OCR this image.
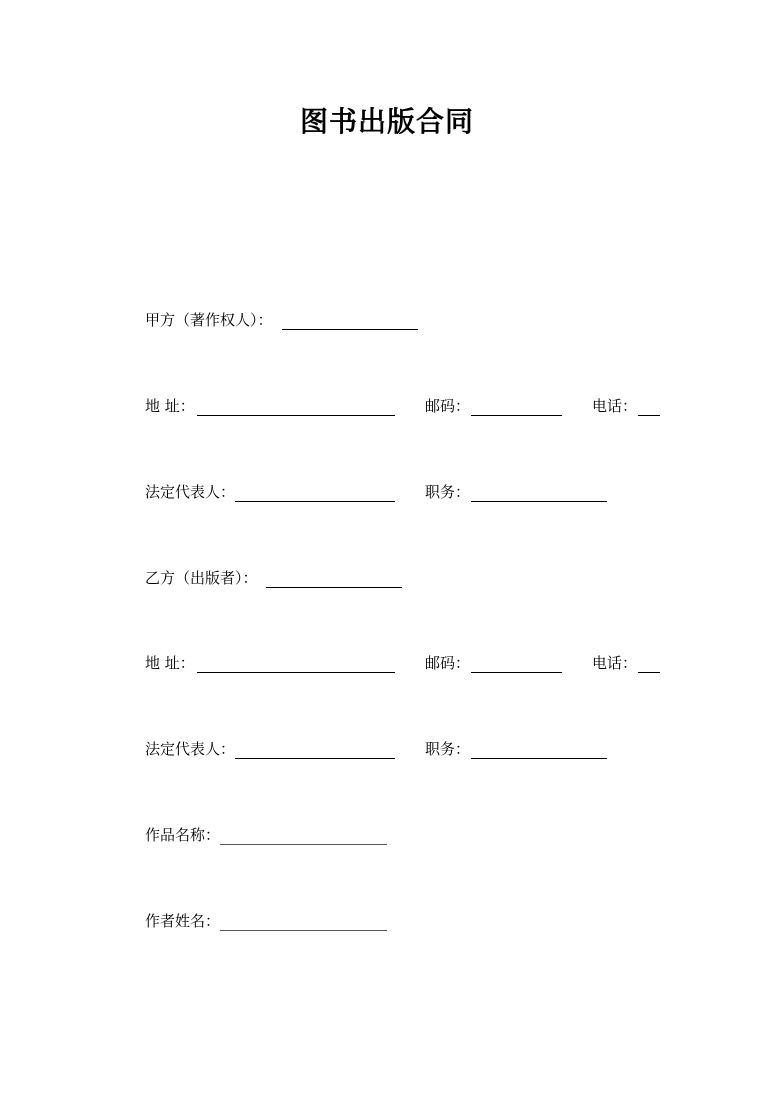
图书出版合同
甲方（著作权人）：
地 址：	邮码：	电话：
法定代表人：	职务：
乙方（出版者）：
地 址：	邮码：	电话：
法定代表人：	职务：
作品名称：
作者姓名：
